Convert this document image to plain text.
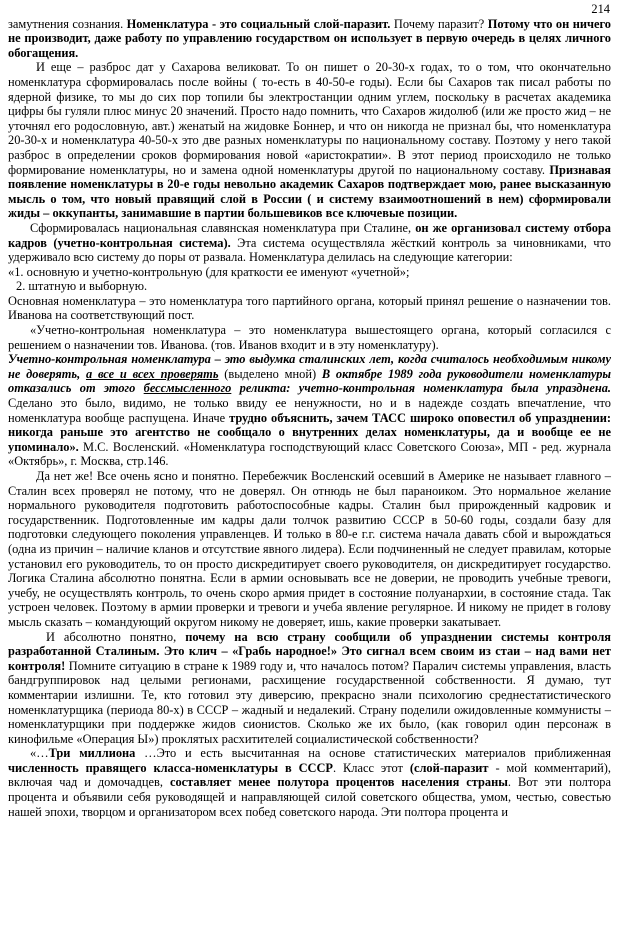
214

замутнения сознания. Номенклатура - это социальный слой-паразит. Почему паразит? Потому что он ничего не производит, даже работу по управлению государством он использует в первую очередь в целях личного обогащения.

И еще – разброс дат у Сахарова великоват. То он пишет о 20-30-х годах, то о том, что окончательно номенклатура сформировалась после войны ( то-есть в 40-50-е годы). Если бы Сахаров так писал работы по ядерной физике, то мы до сих пор топили бы электростанции одним углем, поскольку в расчетах академика цифры бы гуляли плюс минус 20 значений. Просто надо помнить, что Сахаров жидолюб (или же просто жид – не уточнял его родословную, авт.) женатый на жидовке Боннер, и что он никогда не признал бы, что номенклатура 20-30-х и номенклатура 40-50-х это две разных номенклатуры по национальному составу. Поэтому у него такой разброс в определении сроков формирования новой «аристократии». В этот период происходило не только формирование номенклатуры, но и замена одной номенклатуры другой по национальному составу. Признавая появление номенклатуры в 20-е годы невольно академик Сахаров подтверждает мою, ранее высказанную мысль о том, что новый правящий слой в России ( и систему взаимоотношений в нем) сформировали жиды – оккупанты, занимавшие в партии большевиков все ключевые позиции.

Сформировалась национальная славянская номенклатура при Сталине, он же организовал систему отбора кадров (учетно-контрольная система). Эта система осуществляла жёсткий контроль за чиновниками, что удерживало всю систему до поры от развала. Номенклатура делилась на следующие категории:

«1. основную и учетно-контрольную (для краткости ее именуют «учетной»;

2. штатную и выборную.

Основная номенклатура – это номенклатура того партийного органа, который принял решение о назначении тов. Иванова на соответствующий пост.

«Учетно-контрольная номенклатура – это номенклатура вышестоящего органа, который согласился с решением о назначении тов. Иванова. (тов. Иванов входит и в эту номенклатуру).

Учетно-контрольная номенклатура – это выдумка сталинских лет, когда считалось необходимым никому не доверять, а все и всех проверять (выделено мной) В октябре 1989 года руководители номенклатуры отказались от этого бессмысленного реликта: учетно-контрольная номенклатура была упразднена. Сделано это было, видимо, не только ввиду ее ненужности, но и в надежде создать впечатление, что номенклатура вообще распущена. Иначе трудно объяснить, зачем ТАСС широко оповестил об упразднении: никогда раньше это агентство не сообщало о внутренних делах номенклатуры, да и вообще ее не упоминало». М.С. Восленский. «Номенклатура господствующий класс Советского Союза», МП - ред. журнала «Октябрь», г. Москва, стр.146.

Да нет же! Все очень ясно и понятно. Перебежчик Восленский осевший в Америке не называет главного – Сталин всех проверял не потому, что не доверял. Он отнюдь не был параноиком. Это нормальное желание нормального руководителя подготовить работоспособные кадры. Сталин был прирожденный кадровик и государственник. Подготовленные им кадры дали толчок развитию СССР в 50-60 годы, создали базу для подготовки следующего поколения управленцев. И только в 80-е г.г. система начала давать сбой и вырождаться (одна из причин – наличие кланов и отсутствие явного лидера). Если подчиненный не следует правилам, которые установил его руководитель, то он просто дискредитирует своего руководителя, он дискредитирует государство. Логика Сталина абсолютно понятна. Если в армии основывать все не доверии, не проводить учебные тревоги, учебу, не осуществлять контроль, то очень скоро армия придет в состояние полуанархии, в состояние стада. Так устроен человек. Поэтому в армии проверки и тревоги и учеба явление регулярное. И никому не придет в голову мысль сказать – командующий округом никому не доверяет, ишь, какие проверки закатывает.

И абсолютно понятно, почему на всю страну сообщили об упразднении системы контроля разработанной Сталиным. Это клич – «Грабь народное!» Это сигнал всем своим из стаи – над вами нет контроля! Помните ситуацию в стране к 1989 году и, что началось потом? Паралич системы управления, власть бандгруппировок над целыми регионами, расхищение государственной собственности. Я думаю, тут комментарии излишни. Те, кто готовил эту диверсию, прекрасно знали психологию среднестатистического номенклатурщика (периода 80-х) в СССР – жадный и недалекий. Страну поделили ожидовленные коммунисты – номенклатурщики при поддержке жидов сионистов. Сколько же их было, (как говорил один персонаж в кинофильме «Операция Ы») проклятых расхитителей социалистической собственности?

«…Три миллиона …Это и есть высчитанная на основе статистических материалов приближенная численность правящего класса-номенклатуры в СССР. Класс этот (слой-паразит - мой комментарий), включая чад и домочадцев, составляет менее полутора процентов населения страны. Вот эти полтора процента и объявили себя руководящей и направляющей силой советского общества, умом, честью, совестью нашей эпохи, творцом и организатором всех побед советского народа. Эти полтора процента и
